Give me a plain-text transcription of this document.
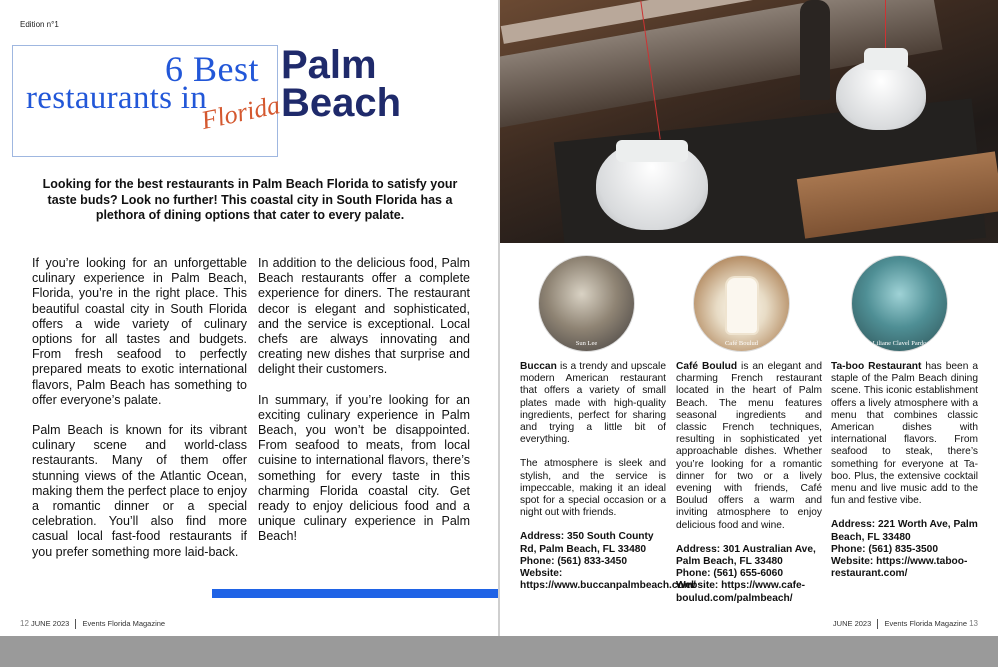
Edition n°1
6 Best
restaurants in
Palm
Beach
Florida
Looking for the best restaurants in Palm Beach Florida to satisfy your taste buds? Look no further! This coastal city in South Florida has a plethora of dining options that cater to every palate.

If you’re looking for an unforgettable culinary experience in Palm Beach, Florida, you’re in the right place. This beautiful coastal city in South Florida offers a wide variety of culinary options for all tastes and budgets. From fresh seafood to perfectly prepared meats to exotic international flavors, Palm Beach has something to offer everyone’s palate.

Palm Beach is known for its vibrant culinary scene and world-class restaurants. Many of them offer stunning views of the Atlantic Ocean, making them the perfect place to enjoy a romantic dinner or a special celebration. You’ll also find more casual local fast-food restaurants if you prefer something more laid-back.

In addition to the delicious food, Palm Beach restaurants offer a complete experience for diners. The restaurant decor is elegant and sophisticated, and the service is exceptional. Local chefs are always innovating and creating new dishes that surprise and delight their customers.

In summary, if you’re looking for an exciting culinary experience in Palm Beach, you won’t be disappointed. From seafood to meats, from local cuisine to international flavors, there’s something for every taste in this charming Florida coastal city. Get ready to enjoy delicious food and a unique culinary experience in Palm Beach!

12 JUNE 2023 Events Florida Magazine
Sun Lee	Café Boulud	Liliane Clavel Pardo

Buccan is a trendy and upscale modern American restaurant that offers a variety of small plates made with high-quality ingredients, perfect for sharing and trying a little bit of everything.

The atmosphere is sleek and stylish, and the service is impeccable, making it an ideal spot for a special occasion or a night out with friends.

Address: 350 South County Rd, Palm Beach, FL 33480
Phone: (561) 833-3450
Website: https://www.buccanpalmbeach.com/

Café Boulud is an elegant and charming French restaurant located in the heart of Palm Beach. The menu features seasonal ingredients and classic French techniques, resulting in sophisticated yet approachable dishes. Whether you’re looking for a romantic dinner for two or a lively evening with friends, Café Boulud offers a warm and inviting atmosphere to enjoy delicious food and wine.

Address: 301 Australian Ave, Palm Beach, FL 33480
Phone: (561) 655-6060
Website: https://www.cafe-boulud.com/palmbeach/

Ta-boo Restaurant has been a staple of the Palm Beach dining scene. This iconic establishment offers a lively atmosphere with a menu that combines classic American dishes with international flavors. From seafood to steak, there’s something for everyone at Ta-boo. Plus, the extensive cocktail menu and live music add to the fun and festive vibe.

Address: 221 Worth Ave, Palm Beach, FL 33480
Phone: (561) 835-3500
Website: https://www.taboo-restaurant.com/
JUNE 2023 Events Florida Magazine 13
